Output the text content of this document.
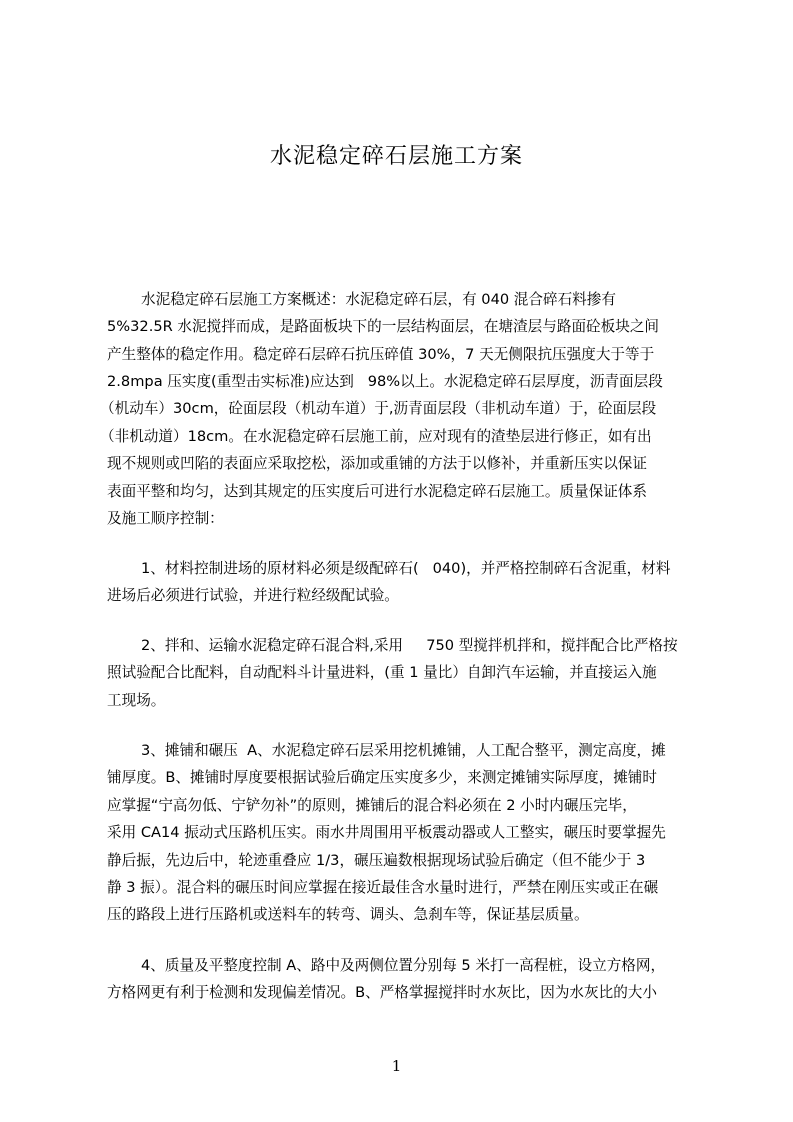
水泥稳定碎石层施工方案
水泥稳定碎石层施工方案概述：水泥稳定碎石层，有 040 混合碎石料掺有
5%32.5R 水泥搅拌而成，是路面板块下的一层结构面层，在塘渣层与路面砼板块之间
产生整体的稳定作用。稳定碎石层碎石抗压碎值 30%，7 天无侧限抗压强度大于等于
2.8mpa 压实度(重型击实标准)应达到   98%以上。水泥稳定碎石层厚度，沥青面层段
（机动车）30cm，砼面层段（机动车道）于,沥青面层段（非机动车道）于，砼面层段
（非机动道）18cm。在水泥稳定碎石层施工前，应对现有的渣垫层进行修正，如有出
现不规则或凹陷的表面应采取挖松，添加或重铺的方法于以修补，并重新压实以保证
表面平整和均匀，达到其规定的压实度后可进行水泥稳定碎石层施工。质量保证体系
及施工顺序控制：
1、材料控制进场的原材料必须是级配碎石(   040)，并严格控制碎石含泥重，材料
进场后必须进行试验，并进行粒经级配试验。
2、拌和、运输水泥稳定碎石混合料,采用     750 型搅拌机拌和，搅拌配合比严格按
照试验配合比配料，自动配料斗计量进料，(重 1 量比）自卸汽车运输，并直接运入施
工现场。
3、摊铺和碾压  A、水泥稳定碎石层采用挖机摊铺，人工配合整平，测定高度，摊
铺厚度。B、摊铺时厚度要根据试验后确定压实度多少，来测定摊铺实际厚度，摊铺时
应掌握“宁高勿低、宁铲勿补”的原则，摊铺后的混合料必须在 2 小时内碾压完毕，
采用 CA14 振动式压路机压实。雨水井周围用平板震动器或人工整实，碾压时要掌握先
静后振，先边后中，轮迹重叠应 1/3，碾压遍数根据现场试验后确定（但不能少于 3
静 3 振）。混合料的碾压时间应掌握在接近最佳含水量时进行，严禁在刚压实或正在碾
压的路段上进行压路机或送料车的转弯、调头、急刹车等，保证基层质量。
4、质量及平整度控制 A、路中及两侧位置分别每 5 米打一高程桩，设立方格网，
方格网更有利于检测和发现偏差情况。B、严格掌握搅拌时水灰比，因为水灰比的大小
1
